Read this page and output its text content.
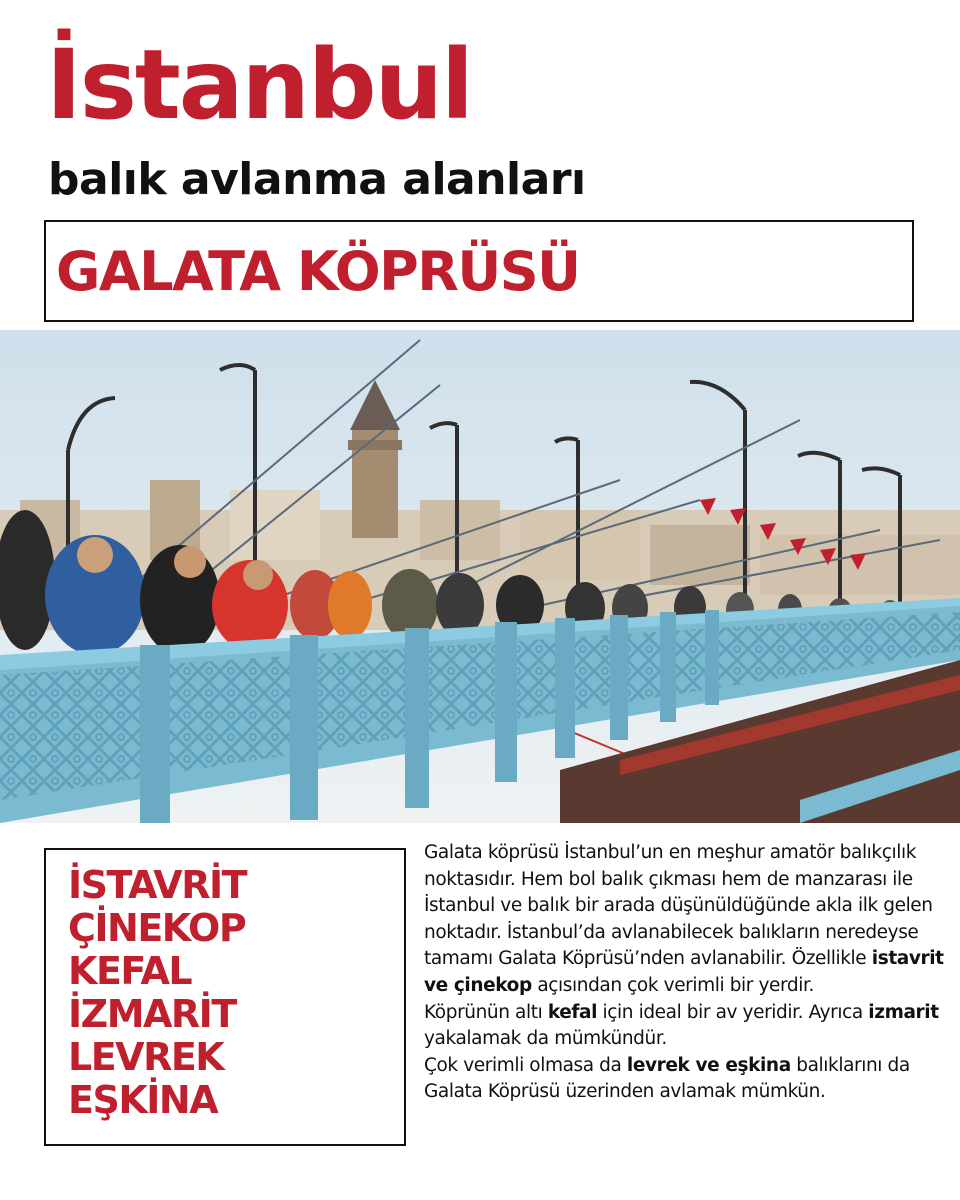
İstanbul
balık avlanma alanları
GALATA KÖPRÜSÜ
İSTAVRİT
ÇİNEKOP
KEFAL
İZMARİT
LEVREK
EŞKİNA

Galata köprüsü İstanbul’un en meşhur amatör balıkçılık noktasıdır. Hem bol balık çıkması hem de manzarası ile İstanbul ve balık bir arada düşünüldüğünde akla ilk gelen noktadır. İstanbul’da avlanabilecek balıkların neredeyse tamamı Galata Köprüsü’nden avlanabilir. Özellikle istavrit ve çinekop açısından çok verimli bir yerdir.

Köprünün altı kefal için ideal bir av yeridir. Ayrıca izmarit yakalamak da mümkündür.

Çok verimli olmasa da levrek ve eşkina balıklarını da Galata Köprüsü üzerinden avlamak mümkün.
